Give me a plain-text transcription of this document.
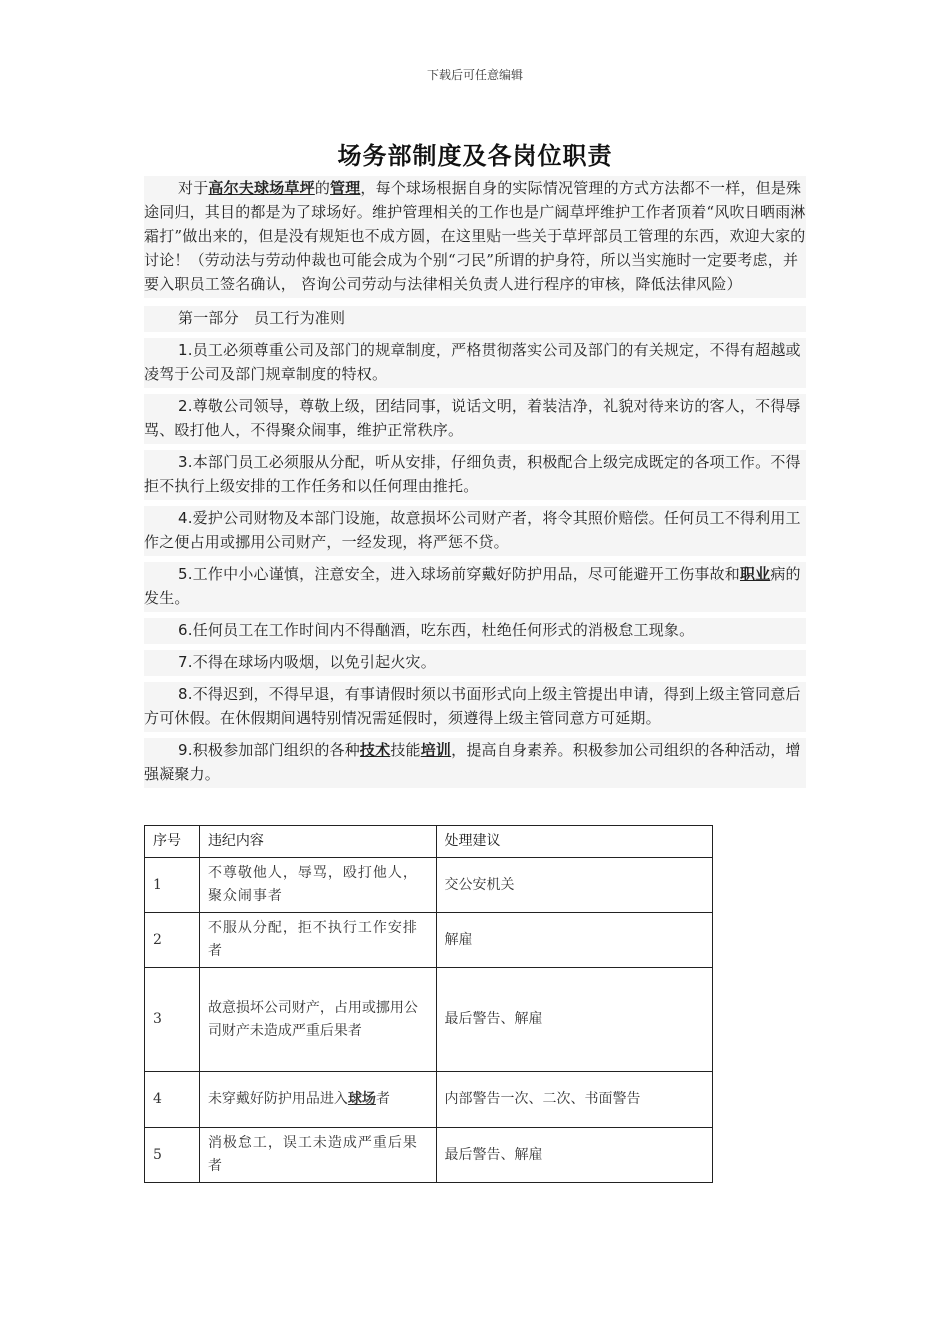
下载后可任意编辑
场务部制度及各岗位职责

对于高尔夫球场草坪的管理，每个球场根据自身的实际情况管理的方式方法都不一样，但是殊途同归，其目的都是为了球场好。维护管理相关的工作也是广阔草坪维护工作者顶着“风吹日晒雨淋霜打”做出来的，但是没有规矩也不成方圆，在这里贴一些关于草坪部员工管理的东西，欢迎大家的讨论！（劳动法与劳动仲裁也可能会成为个别“刁民”所谓的护身符，所以当实施时一定要考虑，并要入职员工签名确认， 咨询公司劳动与法律相关负责人进行程序的审核，降低法律风险）

第一部分　员工行为准则

1.员工必须尊重公司及部门的规章制度，严格贯彻落实公司及部门的有关规定，不得有超越或凌驾于公司及部门规章制度的特权。

2.尊敬公司领导，尊敬上级，团结同事，说话文明，着装洁净，礼貌对待来访的客人，不得辱骂、殴打他人，不得聚众闹事，维护正常秩序。

3.本部门员工必须服从分配，听从安排，仔细负责，积极配合上级完成既定的各项工作。不得拒不执行上级安排的工作任务和以任何理由推托。

4.爱护公司财物及本部门设施，故意损坏公司财产者，将令其照价赔偿。任何员工不得利用工作之便占用或挪用公司财产，一经发现，将严惩不贷。

5.工作中小心谨慎，注意安全，进入球场前穿戴好防护用品，尽可能避开工伤事故和职业病的发生。

6.任何员工在工作时间内不得酗酒，吃东西，杜绝任何形式的消极怠工现象。

7.不得在球场内吸烟，以免引起火灾。

8.不得迟到，不得早退，有事请假时须以书面形式向上级主管提出申请，得到上级主管同意后方可休假。在休假期间遇特别情况需延假时，须遵得上级主管同意方可延期。

9.积极参加部门组织的各种技术技能培训，提高自身素养。积极参加公司组织的各种活动，增强凝聚力。

序号	违纪内容	处理建议
1	不尊敬他人，辱骂，殴打他人，聚众闹事者	交公安机关
2	不服从分配，拒不执行工作安排者	解雇
3	故意损坏公司财产，占用或挪用公司财产未造成严重后果者	最后警告、解雇
4	未穿戴好防护用品进入球场者	内部警告一次、二次、书面警告
5	消极怠工，误工未造成严重后果者	最后警告、解雇
